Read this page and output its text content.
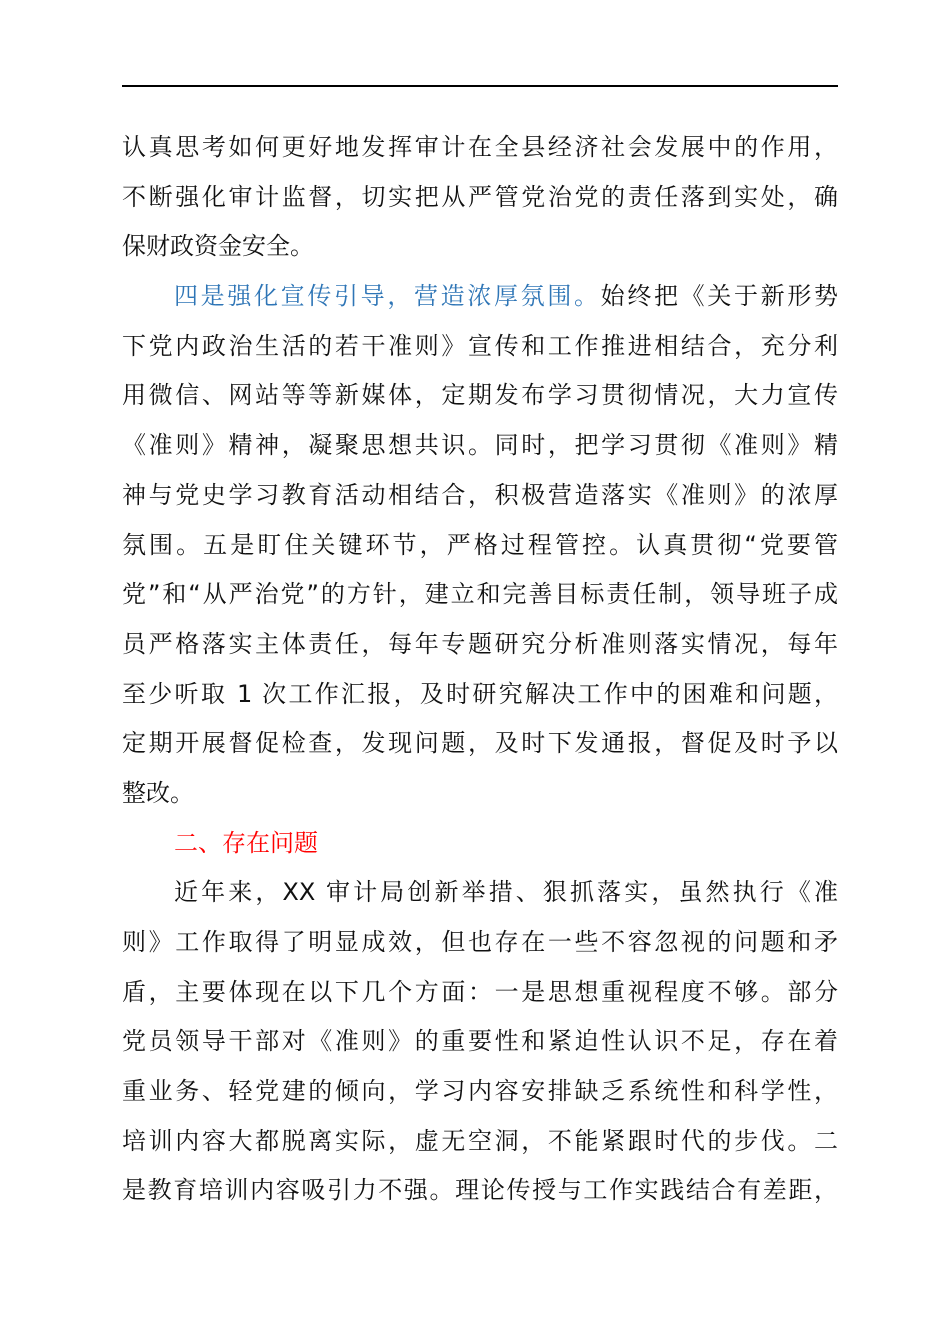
认真思考如何更好地发挥审计在全县经济社会发展中的作用，
不断强化审计监督，切实把从严管党治党的责任落到实处，确
保财政资金安全。
四是强化宣传引导，营造浓厚氛围。始终把《关于新形势
下党内政治生活的若干准则》宣传和工作推进相结合，充分利
用微信、网站等等新媒体，定期发布学习贯彻情况，大力宣传
《准则》精神，凝聚思想共识。同时，把学习贯彻《准则》精
神与党史学习教育活动相结合，积极营造落实《准则》的浓厚
氛围。五是盯住关键环节，严格过程管控。认真贯彻“党要管
党”和“从严治党”的方针，建立和完善目标责任制，领导班子成
员严格落实主体责任，每年专题研究分析准则落实情况，每年
至少听取 1 次工作汇报，及时研究解决工作中的困难和问题，
定期开展督促检查，发现问题，及时下发通报，督促及时予以
整改。
二、存在问题
近年来，XX 审计局创新举措、狠抓落实，虽然执行《准
则》工作取得了明显成效，但也存在一些不容忽视的问题和矛
盾，主要体现在以下几个方面：一是思想重视程度不够。部分
党员领导干部对《准则》的重要性和紧迫性认识不足，存在着
重业务、轻党建的倾向，学习内容安排缺乏系统性和科学性，
培训内容大都脱离实际，虚无空洞，不能紧跟时代的步伐。二
是教育培训内容吸引力不强。理论传授与工作实践结合有差距，
